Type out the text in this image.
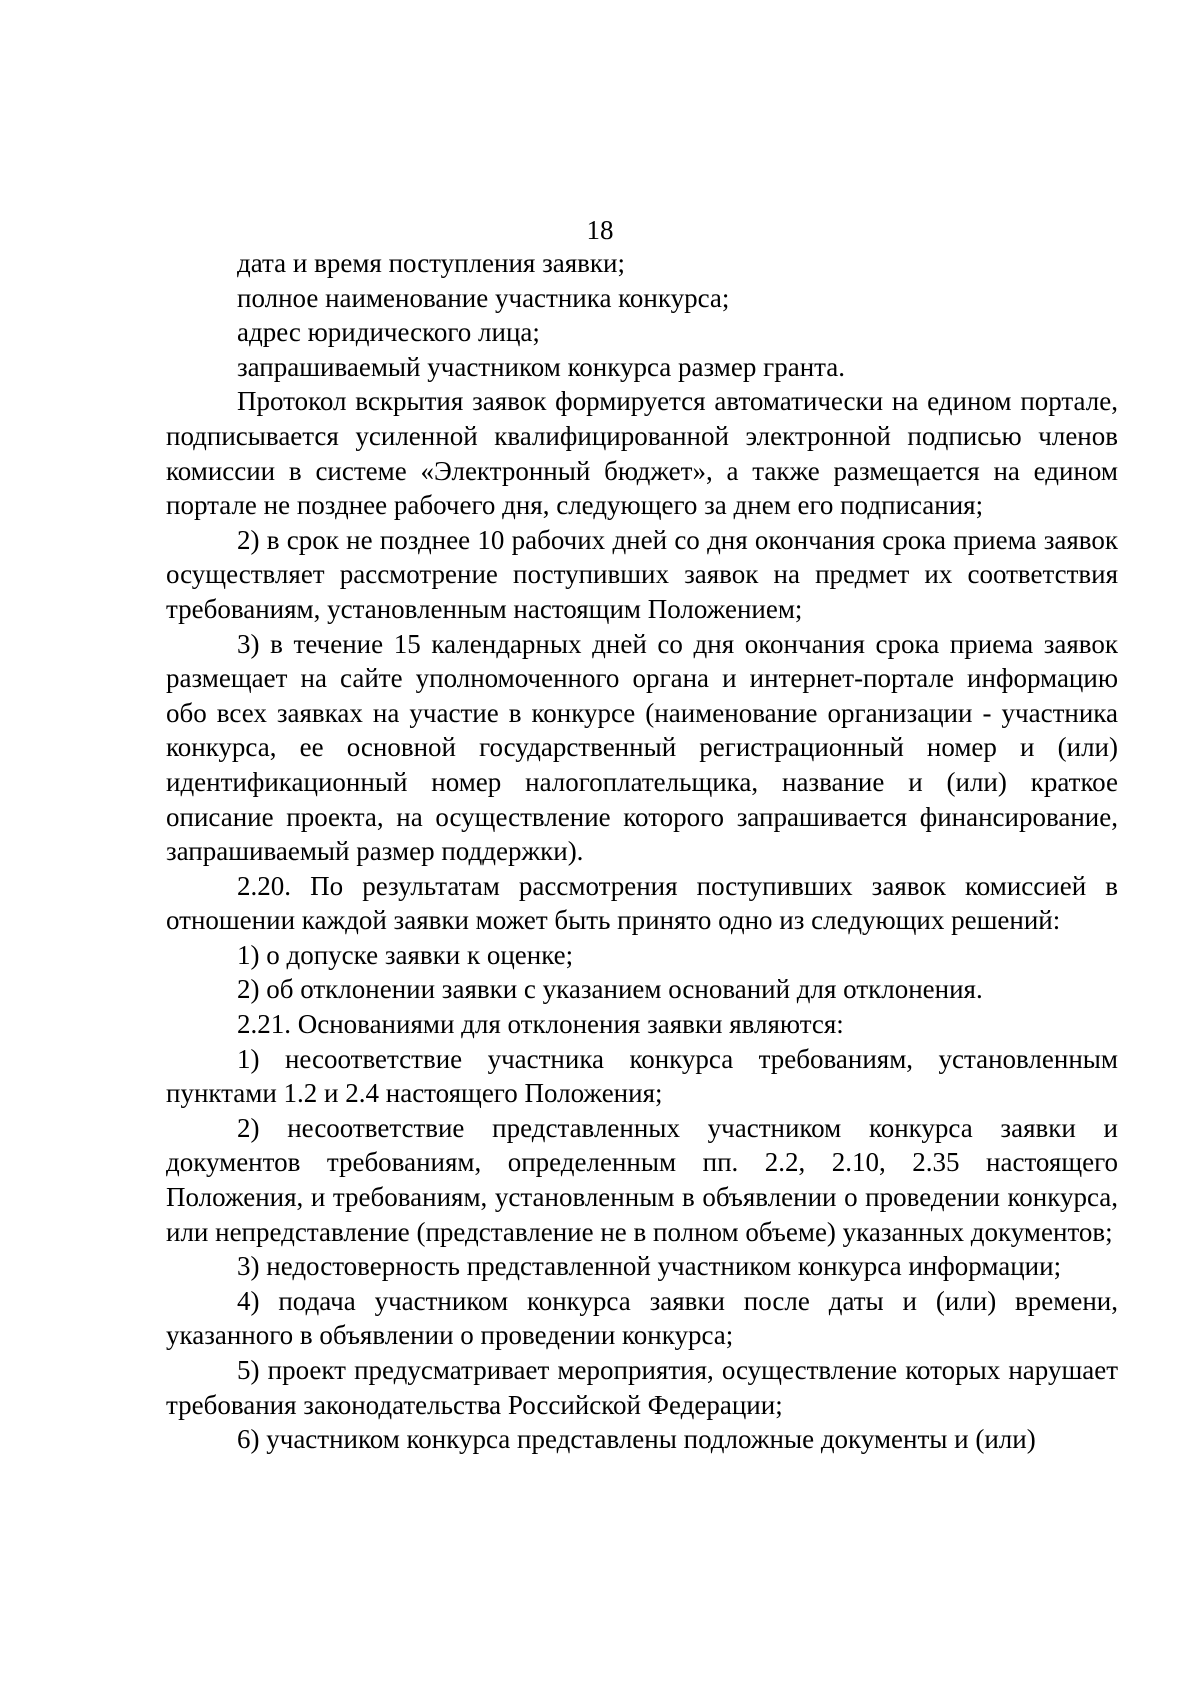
18

дата и время поступления заявки;

полное наименование участника конкурса;

адрес юридического лица;

запрашиваемый участником конкурса размер гранта.

Протокол вскрытия заявок формируется автоматически на едином портале, подписывается усиленной квалифицированной электронной подписью членов комиссии в системе «Электронный бюджет», а также размещается на едином портале не позднее рабочего дня, следующего за днем его подписания;

2) в срок не позднее 10 рабочих дней со дня окончания срока приема заявок осуществляет рассмотрение поступивших заявок на предмет их соответствия требованиям, установленным настоящим Положением;

3) в течение 15 календарных дней со дня окончания срока приема заявок размещает на сайте уполномоченного органа и интернет-портале информацию обо всех заявках на участие в конкурсе (наименование организации - участника конкурса, ее основной государственный регистрационный номер и (или) идентификационный номер налогоплательщика, название и (или) краткое описание проекта, на осуществление которого запрашивается финансирование, запрашиваемый размер поддержки).

2.20. По результатам рассмотрения поступивших заявок комиссией в отношении каждой заявки может быть принято одно из следующих решений:

1) о допуске заявки к оценке;

2) об отклонении заявки с указанием оснований для отклонения.

2.21. Основаниями для отклонения заявки являются:

1) несоответствие участника конкурса требованиям, установленным пунктами 1.2 и 2.4 настоящего Положения;

2) несоответствие представленных участником конкурса заявки и документов требованиям, определенным пп. 2.2, 2.10, 2.35 настоящего Положения, и требованиям, установленным в объявлении о проведении конкурса, или непредставление (представление не в полном объеме) указанных документов;

3) недостоверность представленной участником конкурса информации;

4) подача участником конкурса заявки после даты и (или) времени, указанного в объявлении о проведении конкурса;

5) проект предусматривает мероприятия, осуществление которых нарушает требования законодательства Российской Федерации;

6) участником конкурса представлены подложные документы и (или)
